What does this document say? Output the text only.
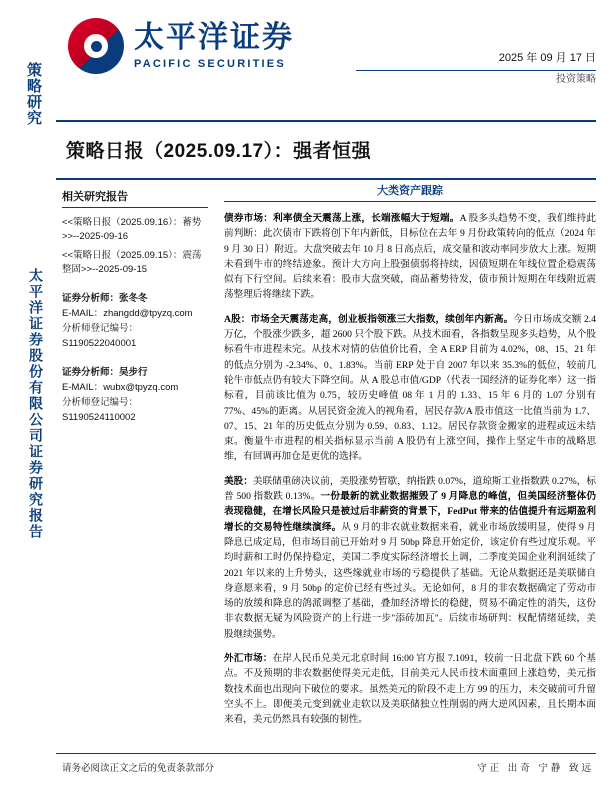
策略研究
太平洋证券股份有限公司证券研究报告
太平洋证券
PACIFIC SECURITIES	2025 年 09 月 17 日
投资策略
策略日报（2025.09.17）：强者恒强
相关研究报告
<<策略日报（2025.09.16）：蓄势>>--2025-09-16
<<策略日报（2025.09.15）：震荡整固>>--2025-09-15
证券分析师：张冬冬
E-MAIL：zhangdd@tpyzq.com
分析师登记编号：S1190522040001
证券分析师：吴步行
E-MAIL：wubx@tpyzq.com
分析师登记编号：S1190524110002
大类资产跟踪
债券市场：利率债全天震荡上涨，长端涨幅大于短端。A 股多头趋势不变，我们维持此前判断：此次债市下跌将创下年内新低，目标位在去年 9 月份政策转向的低点（2024 年 9 月 30 日）附近。大盘突破去年 10 月 8 日高点后，成交量和波动率同步放大上涨。短期未看到牛市的终结迹象。预计大方向上股强债弱将持续，因债短期在年线位置企稳震荡似有下行空间。后续来看：股市大盘突破，商品蓄势待发，债市预计短期在年线附近震荡整理后将继续下跌。
A股：市场全天震荡走高，创业板指领涨三大指数，续创年内新高。今日市场成交额 2.4 万亿，个股涨少跌多，超 2600 只个股下跌。从技术面看，各指数呈现多头趋势，从个股标看牛市进程未完。从技术对情的估值价比看，全 A ERP 目前为 4.02%，08、15、21 年的低点分别为 -2.34%、0、1.83%。当前 ERP 处于自 2007 年以来 35.3%的低位，较前几轮牛市低点仍有较大下降空间。从 A 股总市值/GDP（代表一国经济的证券化率）这一指标看，目前该比值为 0.75，较历史峰值 08 年 1 月的 1.33、15 年 6 月的 1.07 分别有 77%、45%的距离。从居民资金流入的视角看，居民存款/A 股市值这一比值当前为 1.7、07、15、21 年的历史低点分别为 0.59、0.83、1.12。居民存款资金搬家的进程或远未结束。衡量牛市进程的相关指标显示当前 A 股仍有上涨空间，操作上坚定牛市的战略思维，有回调再加仓是更优的选择。
美股：美联储重磅决议前，美股涨势暂歇，纳指跌 0.07%，道琼斯工业指数跌 0.27%，标普 500 指数跌 0.13%。一份最新的就业数据摧毁了 9 月降息的峰值，但美国经济整体仍表现稳健，在增长风险只是被过后非薪资的背景下，FedPut 带来的估值提升有远期盈利增长的交易特性继续演绎。从 9 月的非农就业数据来看，就业市场放缓明显，使得 9 月降息已成定局，但市场目前已开始对 9 月 50bp 降息开始定价，该定价有些过度乐观。平均时薪和工时仍保持稳定，美国二季度实际经济增长上调，二季度美国企业利润延续了 2021 年以来的上升势头，这些缘就业市场的亏稳提供了基础。无论从数据还是美联储自身意愿来看，9 月 50bp 的定价已经有些过头。无论如何，8 月的非农数据确定了劳动市场的放缓和降息的鸽派调整了基础，叠加经济增长的稳健，贸易不确定性的消失，这份非农数据无疑为风险资产的上行进一步"添砖加瓦"。后续市场研判：权配情绪延续，美股继续强势。
外汇市场：在岸人民币兑美元北京时间 16:00 官方报 7.1091，较前一日北盘下跌 60 个基点。不及预期的非农数据使得美元走低，目前美元人民币技术面重回上涨趋势，美元指数技术面也出现向下破位的要求。虽然美元的阶段不走上方 99 的压力，未交破前可升留空头不上。即便美元变到就业走软以及美联储独立性削弱的两大逆风因素，且长期本面来看，美元仍然具有较强的韧性。
请务必阅读正文之后的免责条款部分	守正 出奇 宁静 致远
